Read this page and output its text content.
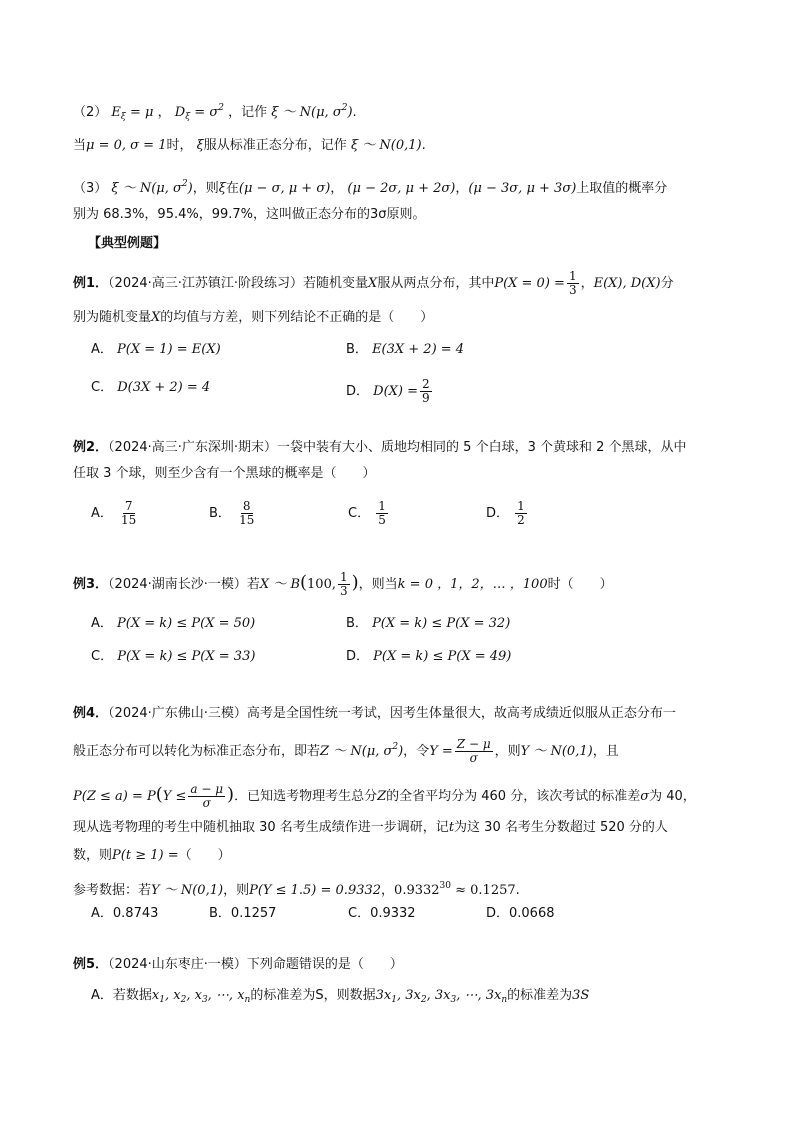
（2） $E_\xi = \mu$ ， $D_\xi = \sigma^2$ ，记作 ξ ～ N(μ, $\sigma^2$).
当μ = 0, σ = 1时， ξ服从标准正态分布，记作 ξ ～ N(0,1).
（3） ξ ～ N(μ, $\sigma^2$)，则ξ在(μ − σ, μ + σ)， (μ − 2σ, μ + 2σ)，(μ − 3σ, μ + 3σ)上取值的概率分
别为 68.3%，95.4%，99.7%，这叫做正态分布的3σ原则。
【典型例题】
例1．（2024·高三·江苏镇江·阶段练习）若随机变量X服从两点分布，其中$P(X = 0) = \frac{1}{3}$ ，E(X), D(X)分
别为随机变量X的均值与方差，则下列结论不正确的是（　　）
A． P(X = 1) = E(X)	B． E(3X + 2) = 4
C． D(3X + 2) = 4	D． $D(X) = \frac{2}{9}$
例2．（2024·高三·广东深圳·期末）一袋中装有大小、质地均相同的 5 个白球，3 个黄球和 2 个黑球，从中
任取 3 个球，则至少含有一个黑球的概率是（　　）
A． $\frac{7}{15}$	B． $\frac{8}{15}$	C． $\frac{1}{5}$	D． $\frac{1}{2}$
例3．（2024·湖南长沙·一模）若X ～ B(100, $\frac{1}{3}$ )，则当k = 0 ，1，2，… ，100时（　　）
A． P(X = k) ≤ P(X = 50)	B． P(X = k) ≤ P(X = 32)
C． P(X = k) ≤ P(X = 33)	D． P(X = k) ≤ P(X = 49)
例4．（2024·广东佛山·三模）高考是全国性统一考试，因考生体量很大，故高考成绩近似服从正态分布一
般正态分布可以转化为标准正态分布，即若Z ～ N(μ, $\sigma^2$)，令$Y = \frac{Z - \mu}{\sigma}$ ，则Y ～ N(0,1)，且
$P(Z \le a) = P(Y \le \frac{a - \mu}{\sigma}$ )．已知选考物理考生总分Z的全省平均分为 460 分，该次考试的标准差σ为 40，
现从选考物理的考生中随机抽取 30 名考生成绩作进一步调研，记t为这 30 名考生分数超过 520 分的人
数，则P(t ≥ 1) =（　　）
参考数据：若Y ～ N(0,1)，则P(Y ≤ 1.5) = 0.9332，$0.9332^{30} \approx 0.1257$.
A．0.8743	B．0.1257	C．0.9332	D．0.0668
例5．（2024·山东枣庄·一模）下列命题错误的是（　　）
A．若数据$x_1$, $x_2$, $x_3$, ⋯, $x_n$的标准差为S，则数据$3x_1$, $3x_2$, $3x_3$, ⋯, $3x_n$的标准差为3S
